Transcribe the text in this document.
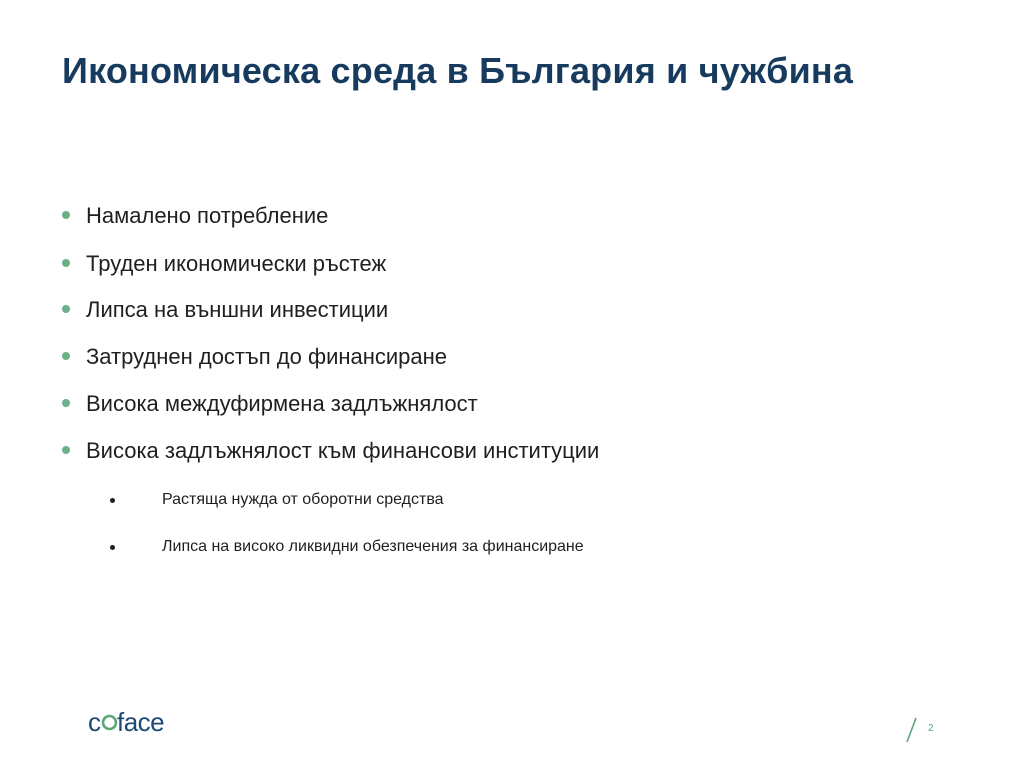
Икономическа среда в България и чужбина
Намалено потребление
Труден икономически ръстеж
Липса на външни инвестиции
Затруднен достъп до финансиране
Висока междуфирмена задлъжнялост
Висока задлъжнялост към финансови институции
Растяща нужда от оборотни средства
Липса на високо ликвидни обезпечения за финансиране
c face	2
